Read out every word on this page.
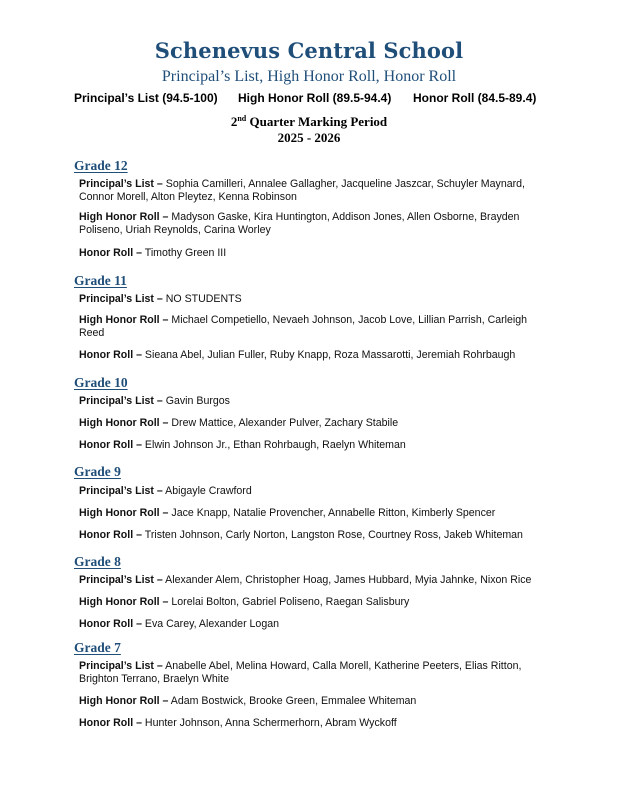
Schenevus Central School
Principal’s List, High Honor Roll, Honor Roll
Principal’s List (94.5-100) High Honor Roll (89.5-94.4) Honor Roll (84.5-89.4)
2nd Quarter Marking Period
2025 - 2026
Grade 12
Principal’s List – Sophia Camilleri, Annalee Gallagher, Jacqueline Jaszcar, Schuyler Maynard, Connor Morell, Alton Pleytez, Kenna Robinson
High Honor Roll – Madyson Gaske, Kira Huntington, Addison Jones, Allen Osborne, Brayden Poliseno, Uriah Reynolds, Carina Worley
Honor Roll – Timothy Green III
Grade 11
Principal’s List – NO STUDENTS
High Honor Roll – Michael Competiello, Nevaeh Johnson, Jacob Love, Lillian Parrish, Carleigh Reed
Honor Roll – Sieana Abel, Julian Fuller, Ruby Knapp, Roza Massarotti, Jeremiah Rohrbaugh
Grade 10
Principal’s List – Gavin Burgos
High Honor Roll – Drew Mattice, Alexander Pulver, Zachary Stabile
Honor Roll – Elwin Johnson Jr., Ethan Rohrbaugh, Raelyn Whiteman
Grade 9
Principal’s List – Abigayle Crawford
High Honor Roll – Jace Knapp, Natalie Provencher, Annabelle Ritton, Kimberly Spencer
Honor Roll – Tristen Johnson, Carly Norton, Langston Rose, Courtney Ross, Jakeb Whiteman
Grade 8
Principal’s List – Alexander Alem, Christopher Hoag, James Hubbard, Myia Jahnke, Nixon Rice
High Honor Roll – Lorelai Bolton, Gabriel Poliseno, Raegan Salisbury
Honor Roll – Eva Carey, Alexander Logan
Grade 7
Principal’s List – Anabelle Abel, Melina Howard, Calla Morell, Katherine Peeters, Elias Ritton, Brighton Terrano, Braelyn White
High Honor Roll – Adam Bostwick, Brooke Green, Emmalee Whiteman
Honor Roll – Hunter Johnson, Anna Schermerhorn, Abram Wyckoff
